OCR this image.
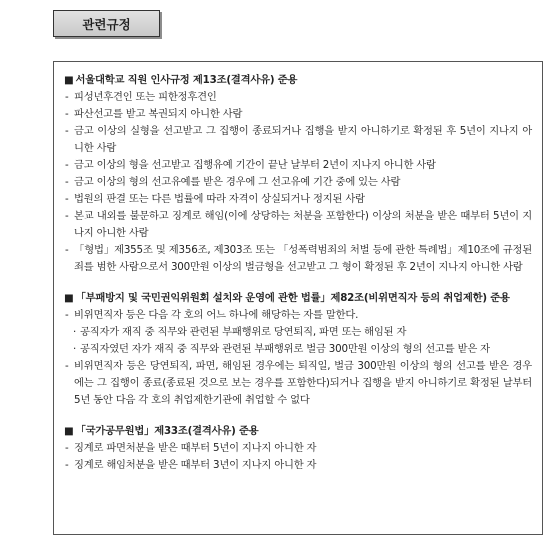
관련규정
■ 서울대학교 직원 인사규정 제13조(결격사유) 준용
- 피성년후견인 또는 피한정후견인
- 파산선고를 받고 복권되지 아니한 사람
- 금고 이상의 실형을 선고받고 그 집행이 종료되거나 집행을 받지 아니하기로 확정된 후 5년이 지나지 아니한 사람
- 금고 이상의 형을 선고받고 집행유예 기간이 끝난 날부터 2년이 지나지 아니한 사람
- 금고 이상의 형의 선고유예를 받은 경우에 그 선고유예 기간 중에 있는 사람
- 법원의 판결 또는 다른 법률에 따라 자격이 상실되거나 정지된 사람
- 본교 내외를 불문하고 징계로 해임(이에 상당하는 처분을 포함한다) 이상의 처분을 받은 때부터 5년이 지나지 아니한 사람
- 「형법」제355조 및 제356조, 제303조 또는 「성폭력범죄의 처벌 등에 관한 특례법」제10조에 규정된 죄를 범한 사람으로서 300만원 이상의 벌금형을 선고받고 그 형이 확정된 후 2년이 지나지 아니한 사람
■ 「부패방지 및 국민권익위원회 설치와 운영에 관한 법률」제82조(비위면직자 등의 취업제한) 준용
- 비위면직자 등은 다음 각 호의 어느 하나에 해당하는 자를 말한다.
· 공직자가 재직 중 직무와 관련된 부패행위로 당연퇴직, 파면 또는 해임된 자
· 공직자였던 자가 재직 중 직무와 관련된 부패행위로 벌금 300만원 이상의 형의 선고를 받은 자
- 비위면직자 등은 당연퇴직, 파면, 해임된 경우에는 퇴직일, 벌금 300만원 이상의 형의 선고를 받은 경우에는 그 집행이 종료(종료된 것으로 보는 경우를 포함한다)되거나 집행을 받지 아니하기로 확정된 날부터 5년 동안 다음 각 호의 취업제한기관에 취업할 수 없다
■ 「국가공무원법」제33조(결격사유) 준용
- 징계로 파면처분을 받은 때부터 5년이 지나지 아니한 자
- 징계로 해임처분을 받은 때부터 3년이 지나지 아니한 자
